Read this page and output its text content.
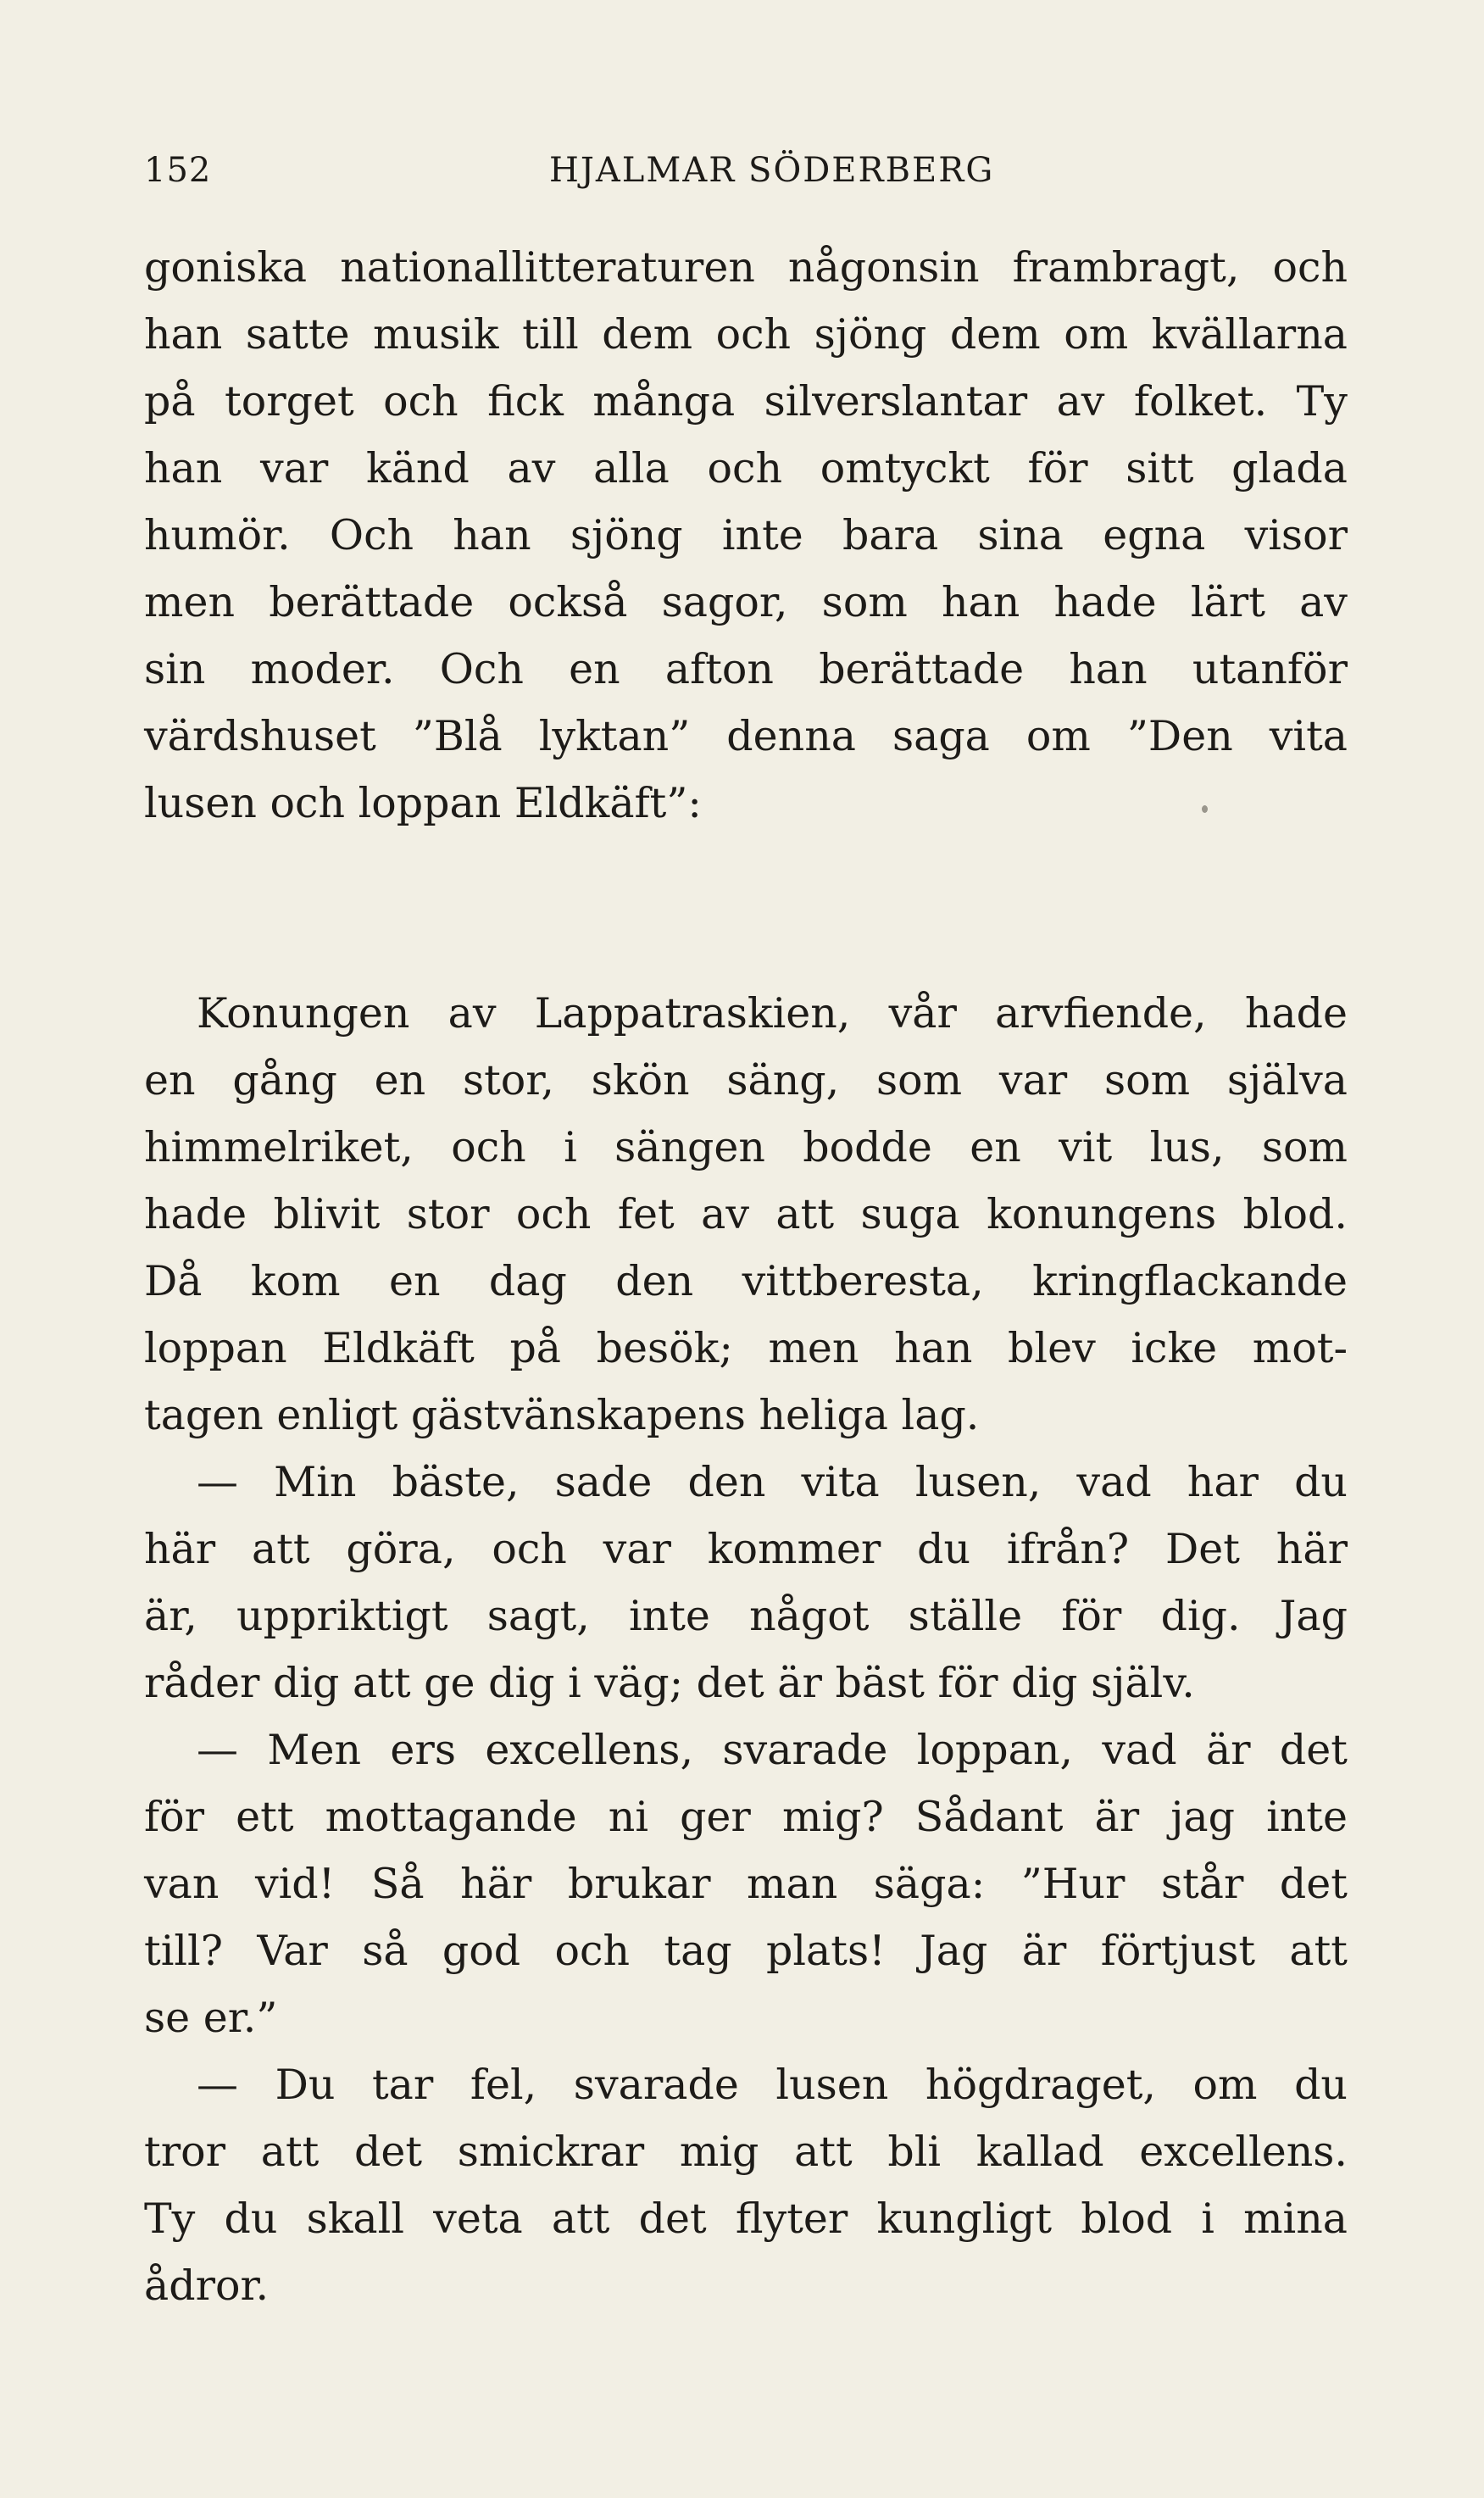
152	HJALMAR SÖDERBERG
goniska nationallitteraturen någonsin frambragt, och
han satte musik till dem och sjöng dem om kvällarna
på torget och fick många silverslantar av folket. Ty
han var känd av alla och omtyckt för sitt glada
humör. Och han sjöng inte bara sina egna visor
men berättade också sagor, som han hade lärt av
sin moder. Och en afton berättade han utanför
värdshuset ”Blå lyktan” denna saga om ”Den vita
lusen och loppan Eldkäft”:
Konungen av Lappatraskien, vår arvfiende, hade
en gång en stor, skön säng, som var som själva
himmelriket, och i sängen bodde en vit lus, som
hade blivit stor och fet av att suga konungens blod.
Då kom en dag den vittberesta, kringflackande
loppan Eldkäft på besök; men han blev icke mot-
tagen enligt gästvänskapens heliga lag.
— Min bäste, sade den vita lusen, vad har du
här att göra, och var kommer du ifrån? Det här
är, uppriktigt sagt, inte något ställe för dig. Jag
råder dig att ge dig i väg; det är bäst för dig själv.
— Men ers excellens, svarade loppan, vad är det
för ett mottagande ni ger mig? Sådant är jag inte
van vid! Så här brukar man säga: ”Hur står det
till? Var så god och tag plats! Jag är förtjust att
se er.”
— Du tar fel, svarade lusen högdraget, om du
tror att det smickrar mig att bli kallad excellens.
Ty du skall veta att det flyter kungligt blod i mina
ådror.
